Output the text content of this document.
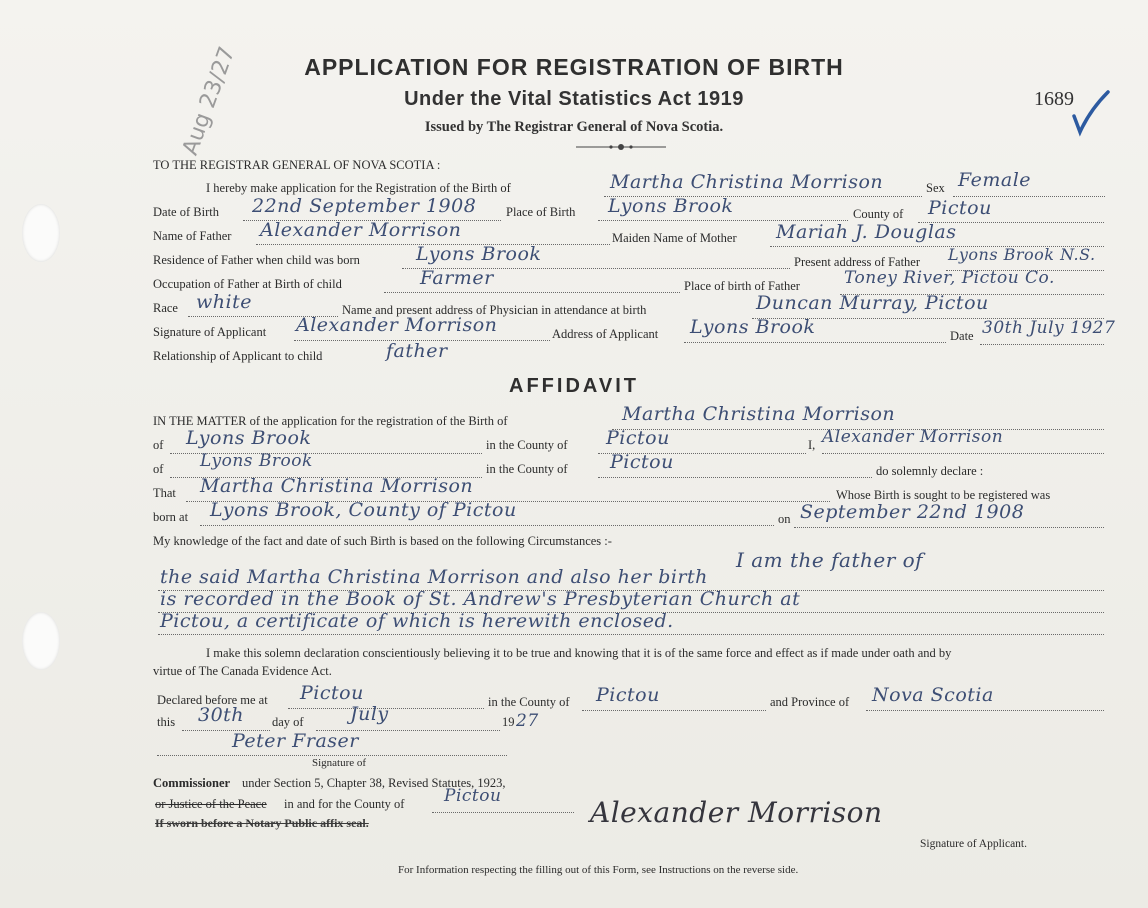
Aug 23/27	1689
APPLICATION FOR REGISTRATION OF BIRTH
Under the Vital Statistics Act 1919
Issued by The Registrar General of Nova Scotia.
TO THE REGISTRAR GENERAL OF NOVA SCOTIA :
I hereby make application for the Registration of the Birth of	Martha Christina Morrison	Sex Female
Date of Birth 22nd September 1908 Place of Birth Lyons Brook	County of Pictou
Name of Father Alexander Morrison	Maiden Name of Mother Mariah J. Douglas
Residence of Father when child was born	Lyons Brook	Present address of Father Lyons Brook N.S.
Occupation of Father at Birth of child	Farmer	Place of birth of Father	Toney River, Pictou Co.
Race white	Name and present address of Physician in attendance at birth	Duncan Murray, Pictou
Signature of Applicant Alexander Morrison	Address of Applicant Lyons Brook	Date 30th July 1927
Relationship of Applicant to child	father
AFFIDAVIT
IN THE MATTER of the application for the registration of the Birth of	Martha Christina Morrison
of Lyons Brook	in the County of Pictou	I, Alexander Morrison
of Lyons Brook	in the County of Pictou	do solemnly declare :
That Martha Christina Morrison	Whose Birth is sought to be registered was
born at Lyons Brook, County of Pictou	on September 22nd 1908
My knowledge of the fact and date of such Birth is based on the following Circumstances :-
I am the father of
the said Martha Christina Morrison and also her birth
is recorded in the Book of St. Andrew's Presbyterian Church at
Pictou, a certificate of which is herewith enclosed.
I make this solemn declaration conscientiously believing it to be true and knowing that it is of the same force and effect as if made under oath and by
virtue of The Canada Evidence Act.
Declared before me at Pictou	in the County of Pictou	and Province of Nova Scotia
this 30th day of July	19 27
Peter Fraser
Signature of
Commissioner under Section 5, Chapter 38, Revised Statutes, 1923,
or Justice of the Peace in and for the County of Pictou
If sworn before a Notary Public affix seal.	Alexander Morrison
Signature of Applicant.
For Information respecting the filling out of this Form, see Instructions on the reverse side.
